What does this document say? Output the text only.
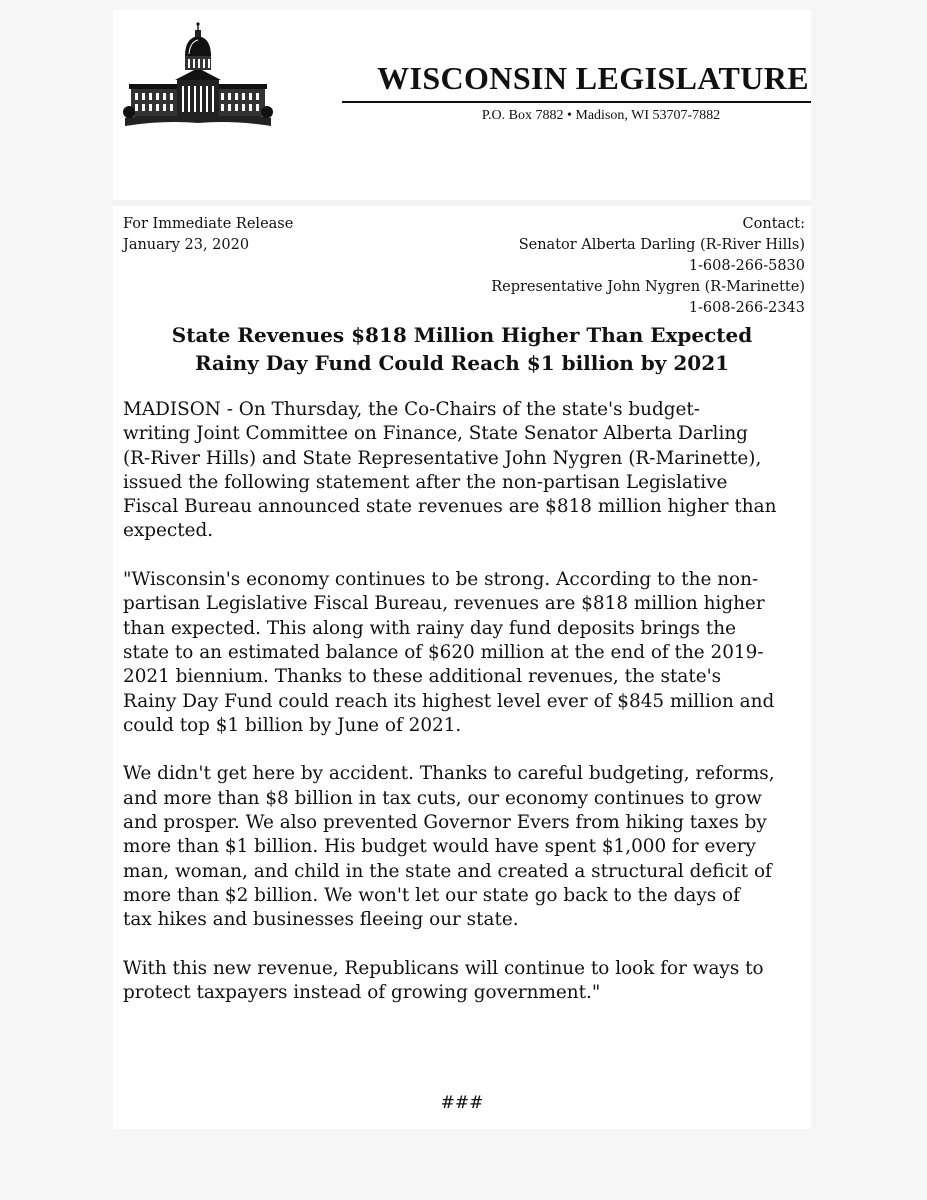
WISCONSIN LEGISLATURE
P.O. Box 7882 • Madison, WI 53707-7882
For Immediate Release
January 23, 2020
Contact:
Senator Alberta Darling (R-River Hills)
1-608-266-5830
Representative John Nygren (R-Marinette)
1-608-266-2343
State Revenues $818 Million Higher Than Expected
Rainy Day Fund Could Reach $1 billion by 2021

MADISON - On Thursday, the Co-Chairs of the state's budget-
writing Joint Committee on Finance, State Senator Alberta Darling
(R-River Hills) and State Representative John Nygren (R-Marinette),
issued the following statement after the non-partisan Legislative
Fiscal Bureau announced state revenues are $818 million higher than
expected.

"Wisconsin's economy continues to be strong. According to the non-
partisan Legislative Fiscal Bureau, revenues are $818 million higher
than expected. This along with rainy day fund deposits brings the
state to an estimated balance of $620 million at the end of the 2019-
2021 biennium. Thanks to these additional revenues, the state's
Rainy Day Fund could reach its highest level ever of $845 million and
could top $1 billion by June of 2021.

We didn't get here by accident. Thanks to careful budgeting, reforms,
and more than $8 billion in tax cuts, our economy continues to grow
and prosper. We also prevented Governor Evers from hiking taxes by
more than $1 billion. His budget would have spent $1,000 for every
man, woman, and child in the state and created a structural deficit of
more than $2 billion. We won't let our state go back to the days of
tax hikes and businesses fleeing our state.

With this new revenue, Republicans will continue to look for ways to
protect taxpayers instead of growing government."

###
